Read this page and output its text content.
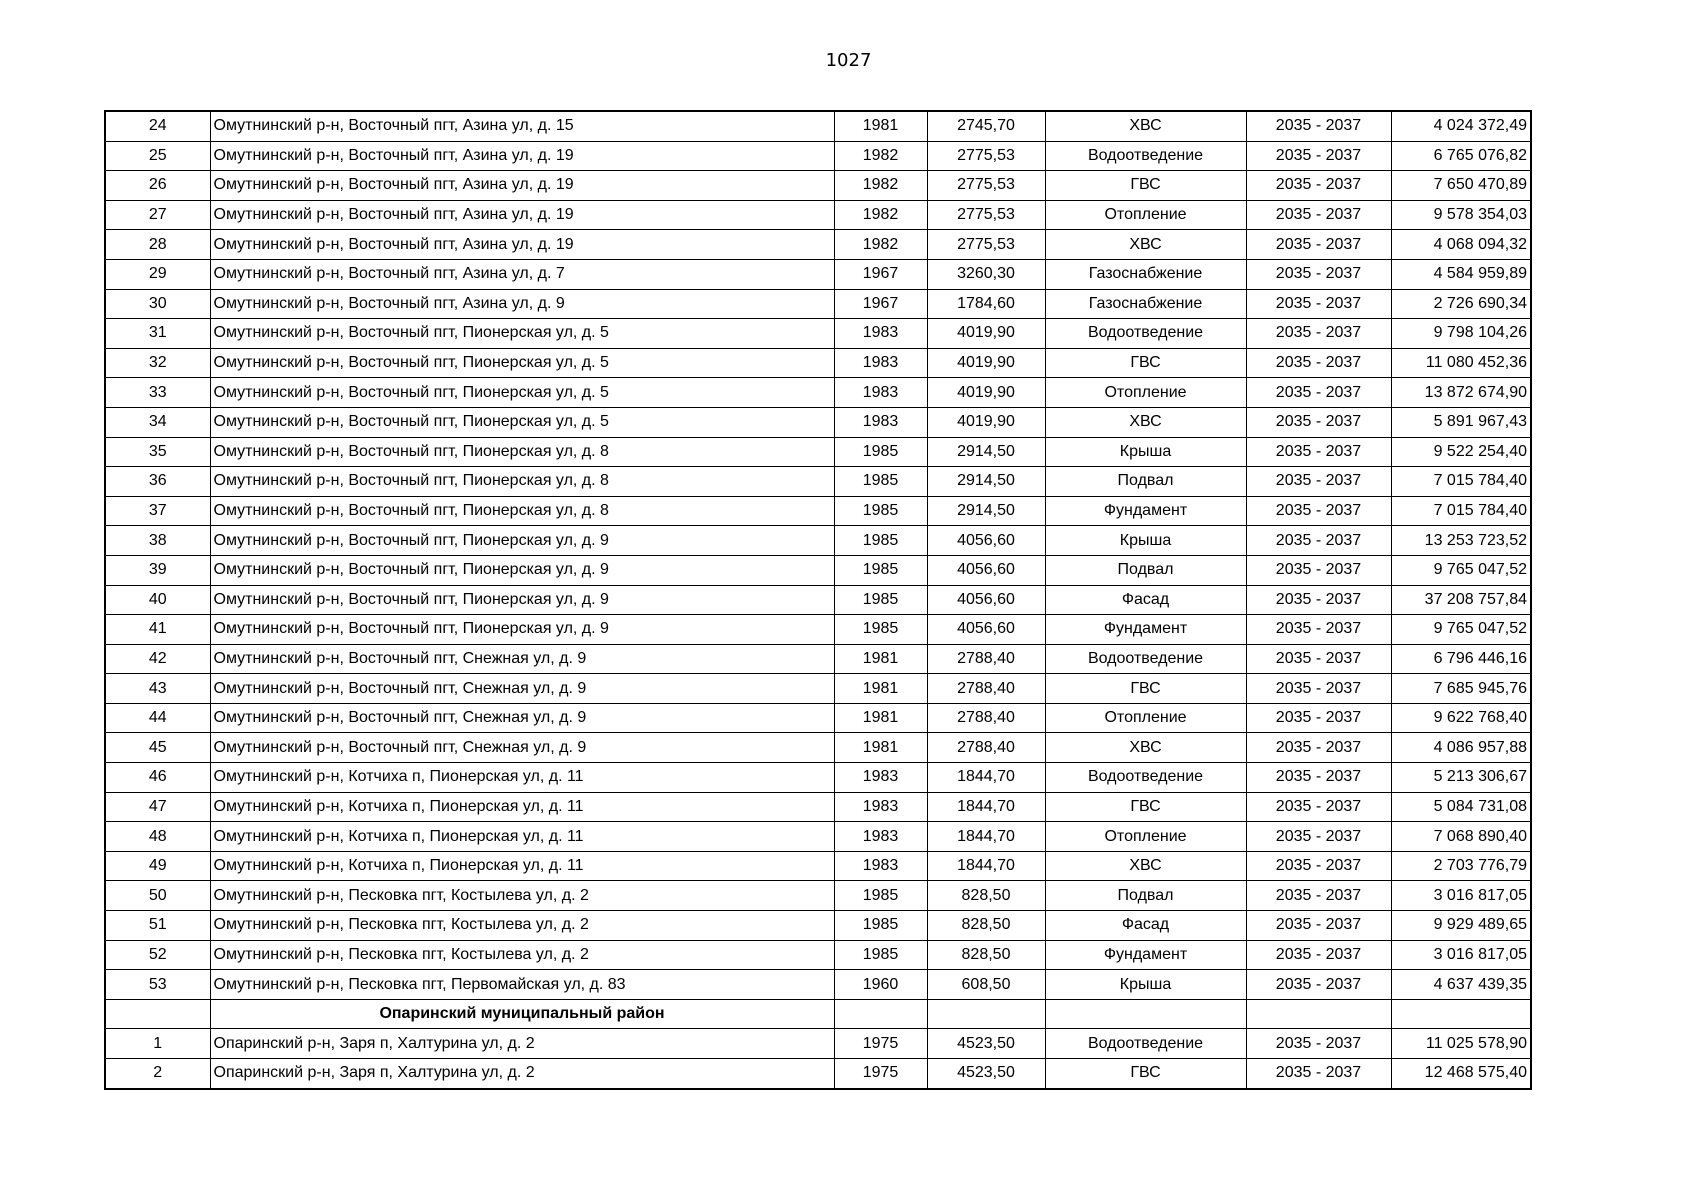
1027
24	Омутнинский р-н, Восточный пгт, Азина ул, д. 15	1981	2745,70	ХВС	2035 - 2037	4 024 372,49
25	Омутнинский р-н, Восточный пгт, Азина ул, д. 19	1982	2775,53	Водоотведение	2035 - 2037	6 765 076,82
26	Омутнинский р-н, Восточный пгт, Азина ул, д. 19	1982	2775,53	ГВС	2035 - 2037	7 650 470,89
27	Омутнинский р-н, Восточный пгт, Азина ул, д. 19	1982	2775,53	Отопление	2035 - 2037	9 578 354,03
28	Омутнинский р-н, Восточный пгт, Азина ул, д. 19	1982	2775,53	ХВС	2035 - 2037	4 068 094,32
29	Омутнинский р-н, Восточный пгт, Азина ул, д. 7	1967	3260,30	Газоснабжение	2035 - 2037	4 584 959,89
30	Омутнинский р-н, Восточный пгт, Азина ул, д. 9	1967	1784,60	Газоснабжение	2035 - 2037	2 726 690,34
31	Омутнинский р-н, Восточный пгт, Пионерская ул, д. 5	1983	4019,90	Водоотведение	2035 - 2037	9 798 104,26
32	Омутнинский р-н, Восточный пгт, Пионерская ул, д. 5	1983	4019,90	ГВС	2035 - 2037	11 080 452,36
33	Омутнинский р-н, Восточный пгт, Пионерская ул, д. 5	1983	4019,90	Отопление	2035 - 2037	13 872 674,90
34	Омутнинский р-н, Восточный пгт, Пионерская ул, д. 5	1983	4019,90	ХВС	2035 - 2037	5 891 967,43
35	Омутнинский р-н, Восточный пгт, Пионерская ул, д. 8	1985	2914,50	Крыша	2035 - 2037	9 522 254,40
36	Омутнинский р-н, Восточный пгт, Пионерская ул, д. 8	1985	2914,50	Подвал	2035 - 2037	7 015 784,40
37	Омутнинский р-н, Восточный пгт, Пионерская ул, д. 8	1985	2914,50	Фундамент	2035 - 2037	7 015 784,40
38	Омутнинский р-н, Восточный пгт, Пионерская ул, д. 9	1985	4056,60	Крыша	2035 - 2037	13 253 723,52
39	Омутнинский р-н, Восточный пгт, Пионерская ул, д. 9	1985	4056,60	Подвал	2035 - 2037	9 765 047,52
40	Омутнинский р-н, Восточный пгт, Пионерская ул, д. 9	1985	4056,60	Фасад	2035 - 2037	37 208 757,84
41	Омутнинский р-н, Восточный пгт, Пионерская ул, д. 9	1985	4056,60	Фундамент	2035 - 2037	9 765 047,52
42	Омутнинский р-н, Восточный пгт, Снежная ул, д. 9	1981	2788,40	Водоотведение	2035 - 2037	6 796 446,16
43	Омутнинский р-н, Восточный пгт, Снежная ул, д. 9	1981	2788,40	ГВС	2035 - 2037	7 685 945,76
44	Омутнинский р-н, Восточный пгт, Снежная ул, д. 9	1981	2788,40	Отопление	2035 - 2037	9 622 768,40
45	Омутнинский р-н, Восточный пгт, Снежная ул, д. 9	1981	2788,40	ХВС	2035 - 2037	4 086 957,88
46	Омутнинский р-н, Котчиха п, Пионерская ул, д. 11	1983	1844,70	Водоотведение	2035 - 2037	5 213 306,67
47	Омутнинский р-н, Котчиха п, Пионерская ул, д. 11	1983	1844,70	ГВС	2035 - 2037	5 084 731,08
48	Омутнинский р-н, Котчиха п, Пионерская ул, д. 11	1983	1844,70	Отопление	2035 - 2037	7 068 890,40
49	Омутнинский р-н, Котчиха п, Пионерская ул, д. 11	1983	1844,70	ХВС	2035 - 2037	2 703 776,79
50	Омутнинский р-н, Песковка пгт, Костылева ул, д. 2	1985	828,50	Подвал	2035 - 2037	3 016 817,05
51	Омутнинский р-н, Песковка пгт, Костылева ул, д. 2	1985	828,50	Фасад	2035 - 2037	9 929 489,65
52	Омутнинский р-н, Песковка пгт, Костылева ул, д. 2	1985	828,50	Фундамент	2035 - 2037	3 016 817,05
53	Омутнинский р-н, Песковка пгт, Первомайская ул, д. 83	1960	608,50	Крыша	2035 - 2037	4 637 439,35
	Опаринский муниципальный район					
1	Опаринский р-н, Заря п, Халтурина ул, д. 2	1975	4523,50	Водоотведение	2035 - 2037	11 025 578,90
2	Опаринский р-н, Заря п, Халтурина ул, д. 2	1975	4523,50	ГВС	2035 - 2037	12 468 575,40
